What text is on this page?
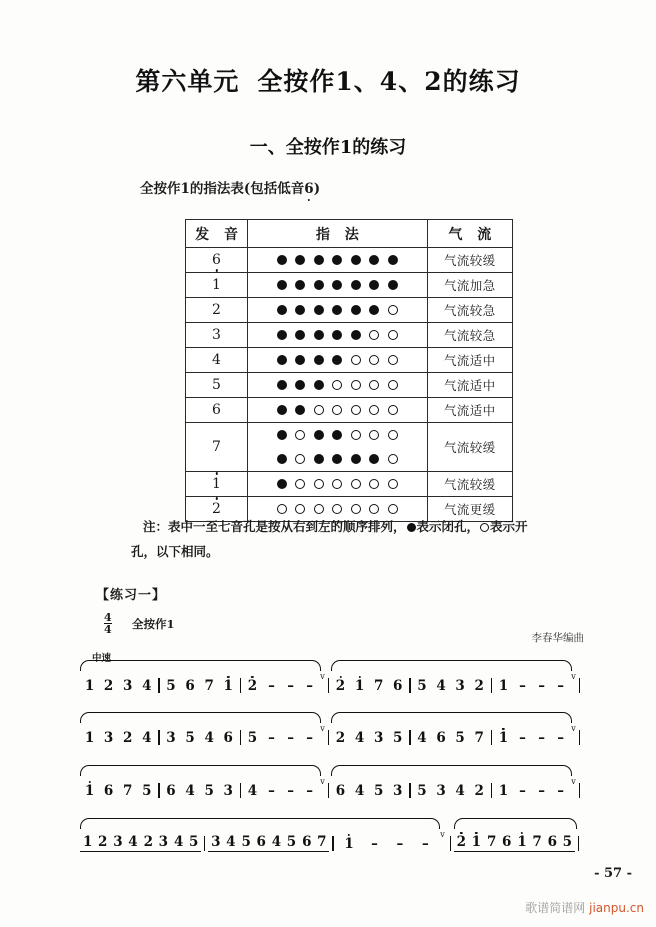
第六单元 全按作1、4、2的练习
一、全按作1的练习
全按作1的指法表(包括低音6)
发 音	指 法	气 流
6		气流较缓
1		气流加急
2		气流较急
3		气流较急
4		气流适中
5		气流适中
6		气流适中
7		气流较缓

1		气流较缓
2		气流更缓
注：表中一至七音孔是按从右到左的顺序排列， 表示闭孔， 表示开孔，以下相同。
【练习一】
$\frac{4}{4}$ 全按作1
李春华编曲
中速
1 2 3 4	5 6 7 1	2 – – –
v
2 1 7 6	5 4 3 2	1 – – –
v
1 3 2 4	3 5 4 6	5 – – –
v
2 4 3 5	4 6 5 7	1 – – –
v
1 6 7 5	6 4 5 3	4 – – –
v
6 4 5 3	5 3 4 2	1 – – –
v
1 2 3 4 2 3 4 5 3 4 5 6 4 5 6 7	1	–	–	–
v 2 1 7 6 1 7 6 5
- 57 -
歌谱简谱网 jianpu.cn
